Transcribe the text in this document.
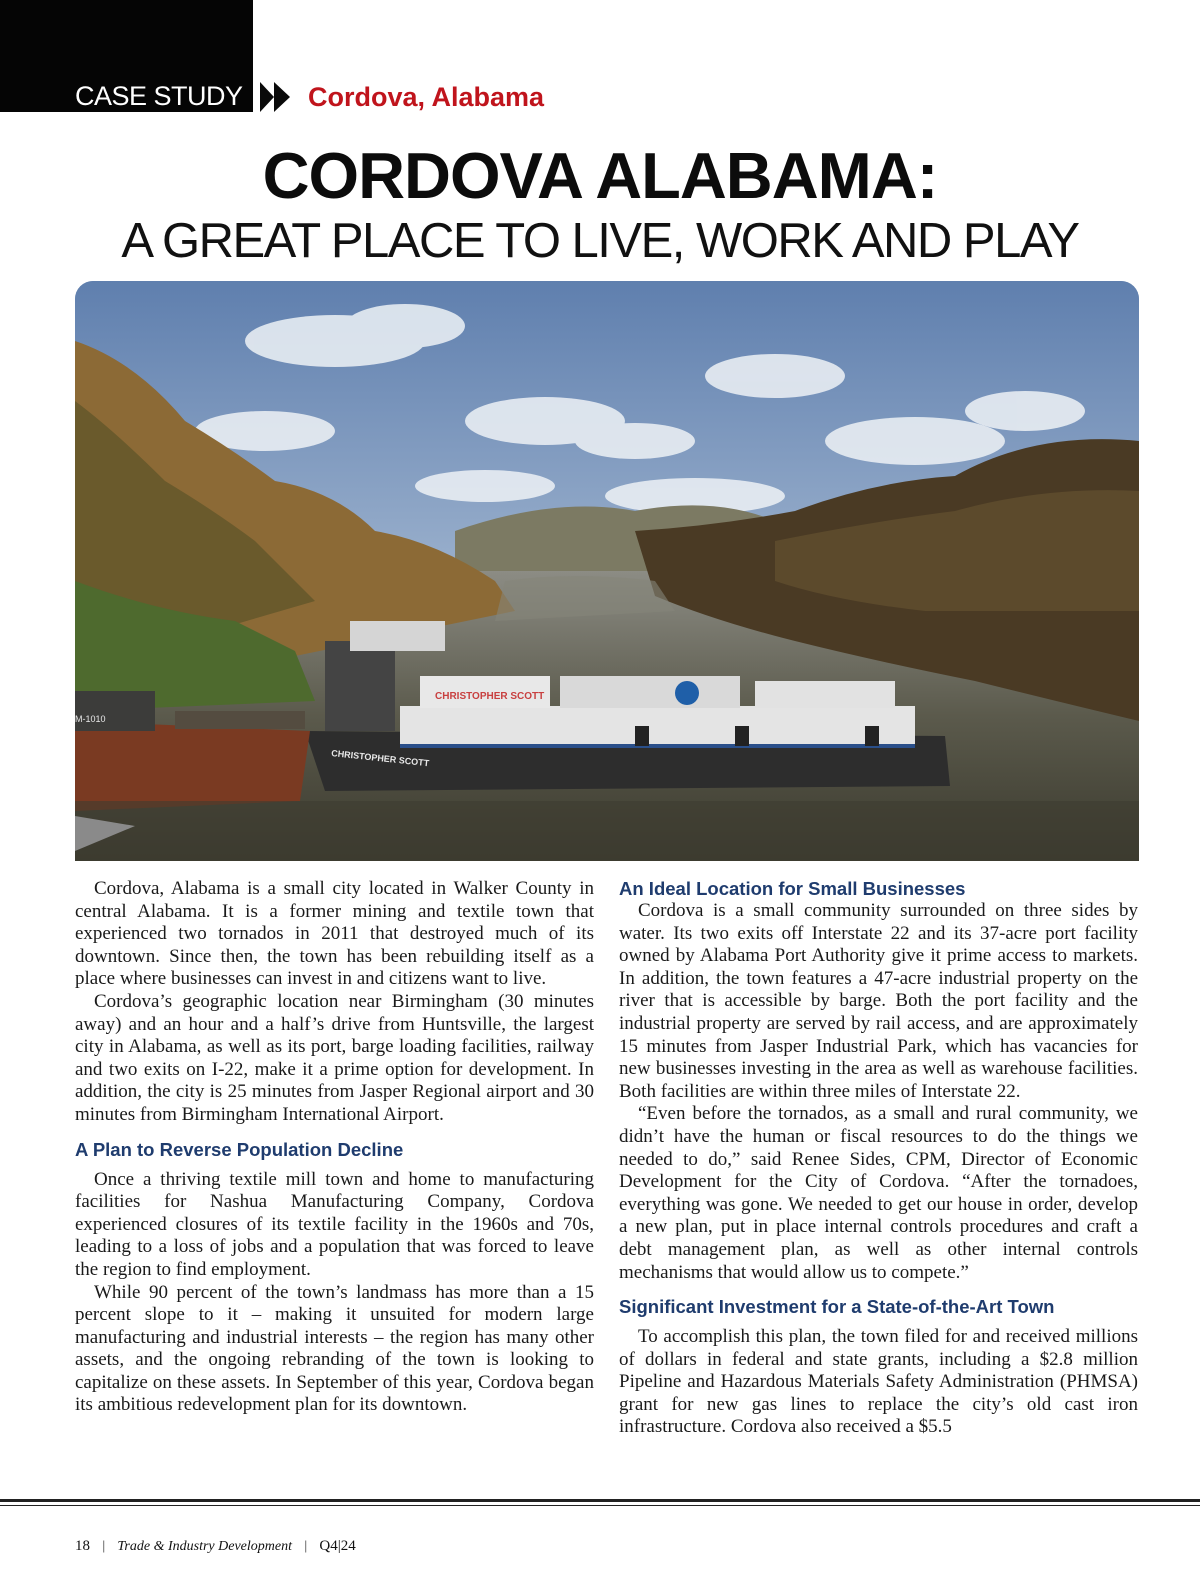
CASE STUDY Cordova, Alabama
CORDOVA ALABAMA:
A GREAT PLACE TO LIVE, WORK AND PLAY
CHRISTOPHER SCOTT
CHRISTOPHER SCOTT
M-1010

Cordova, Alabama is a small city located in Walker County in central Alabama. It is a former mining and textile town that experienced two tornados in 2011 that destroyed much of its downtown. Since then, the town has been rebuilding itself as a place where businesses can invest in and citizens want to live.

Cordova’s geographic location near Birmingham (30 minutes away) and an hour and a half’s drive from Huntsville, the largest city in Alabama, as well as its port, barge loading facilities, railway and two exits on I-22, make it a prime option for development. In addition, the city is 25 minutes from Jasper Regional airport and 30 minutes from Birmingham International Airport.

A Plan to Reverse Population Decline

Once a thriving textile mill town and home to manufacturing facilities for Nashua Manufacturing Company, Cordova experienced closures of its textile facility in the 1960s and 70s, leading to a loss of jobs and a population that was forced to leave the region to find employment.

While 90 percent of the town’s landmass has more than a 15 percent slope to it – making it unsuited for modern large manufacturing and industrial interests – the region has many other assets, and the ongoing rebranding of the town is looking to capitalize on these assets. In September of this year, Cordova began its ambitious redevelopment plan for its downtown.

An Ideal Location for Small Businesses

Cordova is a small community surrounded on three sides by water. Its two exits off Interstate 22 and its 37-acre port facility owned by Alabama Port Authority give it prime access to markets. In addition, the town features a 47-acre industrial property on the river that is accessible by barge. Both the port facility and the industrial property are served by rail access, and are approximately 15 minutes from Jasper Industrial Park, which has vacancies for new businesses investing in the area as well as warehouse facilities. Both facilities are within three miles of Interstate 22.

“Even before the tornados, as a small and rural community, we didn’t have the human or fiscal resources to do the things we needed to do,” said Renee Sides, CPM, Director of Economic Development for the City of Cordova. “After the tornadoes, everything was gone. We needed to get our house in order, develop a new plan, put in place internal controls procedures and craft a debt management plan, as well as other internal controls mechanisms that would allow us to compete.”

Significant Investment for a State-of-the-Art Town

To accomplish this plan, the town filed for and received millions of dollars in federal and state grants, including a $2.8 million Pipeline and Hazardous Materials Safety Administration (PHMSA) grant for new gas lines to replace the city’s old cast iron infrastructure. Cordova also received a $5.5

18 | Trade & Industry Development | Q4|24
